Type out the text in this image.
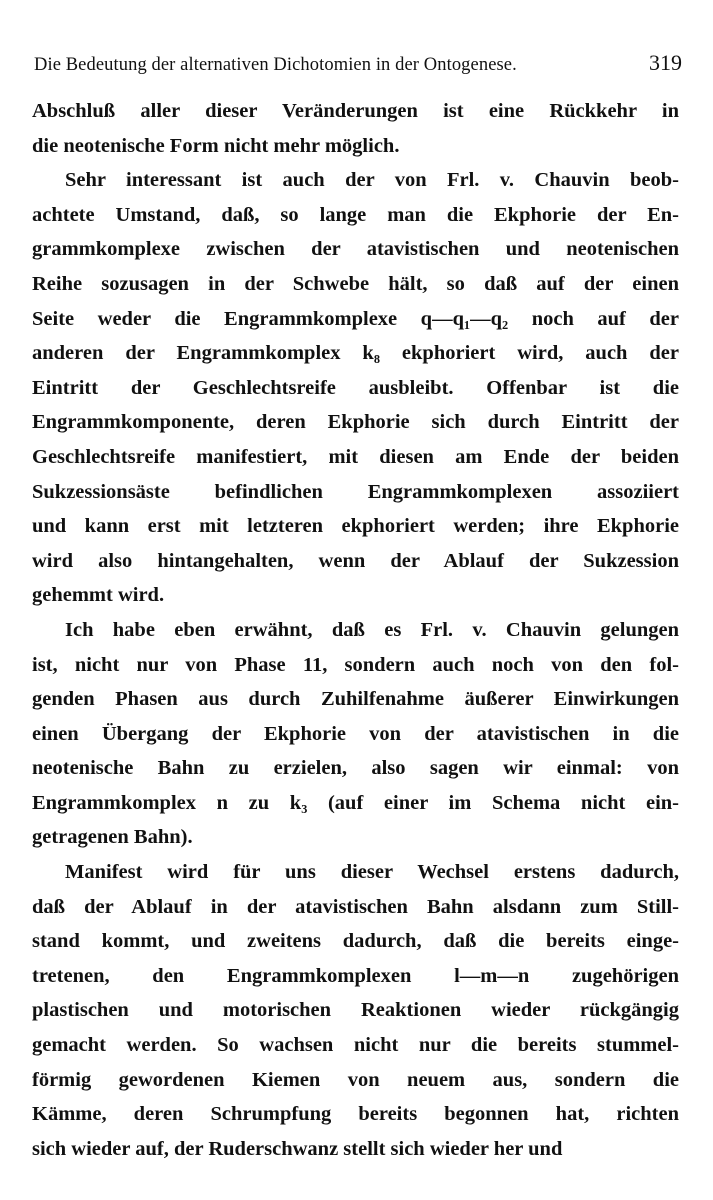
Die Bedeutung der alternativen Dichotomien in der Ontogenese.	319
Abschluß aller dieser Veränderungen ist eine Rückkehr in
die neotenische Form nicht mehr möglich.
Sehr interessant ist auch der von Frl. v. Chauvin beob-
achtete Umstand, daß, so lange man die Ekphorie der En-
grammkomplexe zwischen der atavistischen und neotenischen
Reihe sozusagen in der Schwebe hält, so daß auf der einen
Seite weder die Engrammkomplexe q—q₁—q₂ noch auf der
anderen der Engrammkomplex k₈ ekphoriert wird, auch der
Eintritt der Geschlechtsreife ausbleibt. Offenbar ist die
Engrammkomponente, deren Ekphorie sich durch Eintritt der
Geschlechtsreife manifestiert, mit diesen am Ende der beiden
Sukzessionsäste befindlichen Engrammkomplexen assoziiert
und kann erst mit letzteren ekphoriert werden; ihre Ekphorie
wird also hintangehalten, wenn der Ablauf der Sukzession
gehemmt wird.
Ich habe eben erwähnt, daß es Frl. v. Chauvin gelungen
ist, nicht nur von Phase 11, sondern auch noch von den fol-
genden Phasen aus durch Zuhilfenahme äußerer Einwirkungen
einen Übergang der Ekphorie von der atavistischen in die
neotenische Bahn zu erzielen, also sagen wir einmal: von
Engrammkomplex n zu k₃ (auf einer im Schema nicht ein-
getragenen Bahn).
Manifest wird für uns dieser Wechsel erstens dadurch,
daß der Ablauf in der atavistischen Bahn alsdann zum Still-
stand kommt, und zweitens dadurch, daß die bereits einge-
tretenen, den Engrammkomplexen l—m—n zugehörigen
plastischen und motorischen Reaktionen wieder rückgängig
gemacht werden. So wachsen nicht nur die bereits stummel-
förmig gewordenen Kiemen von neuem aus, sondern die
Kämme, deren Schrumpfung bereits begonnen hat, richten
sich wieder auf, der Ruderschwanz stellt sich wieder her und
